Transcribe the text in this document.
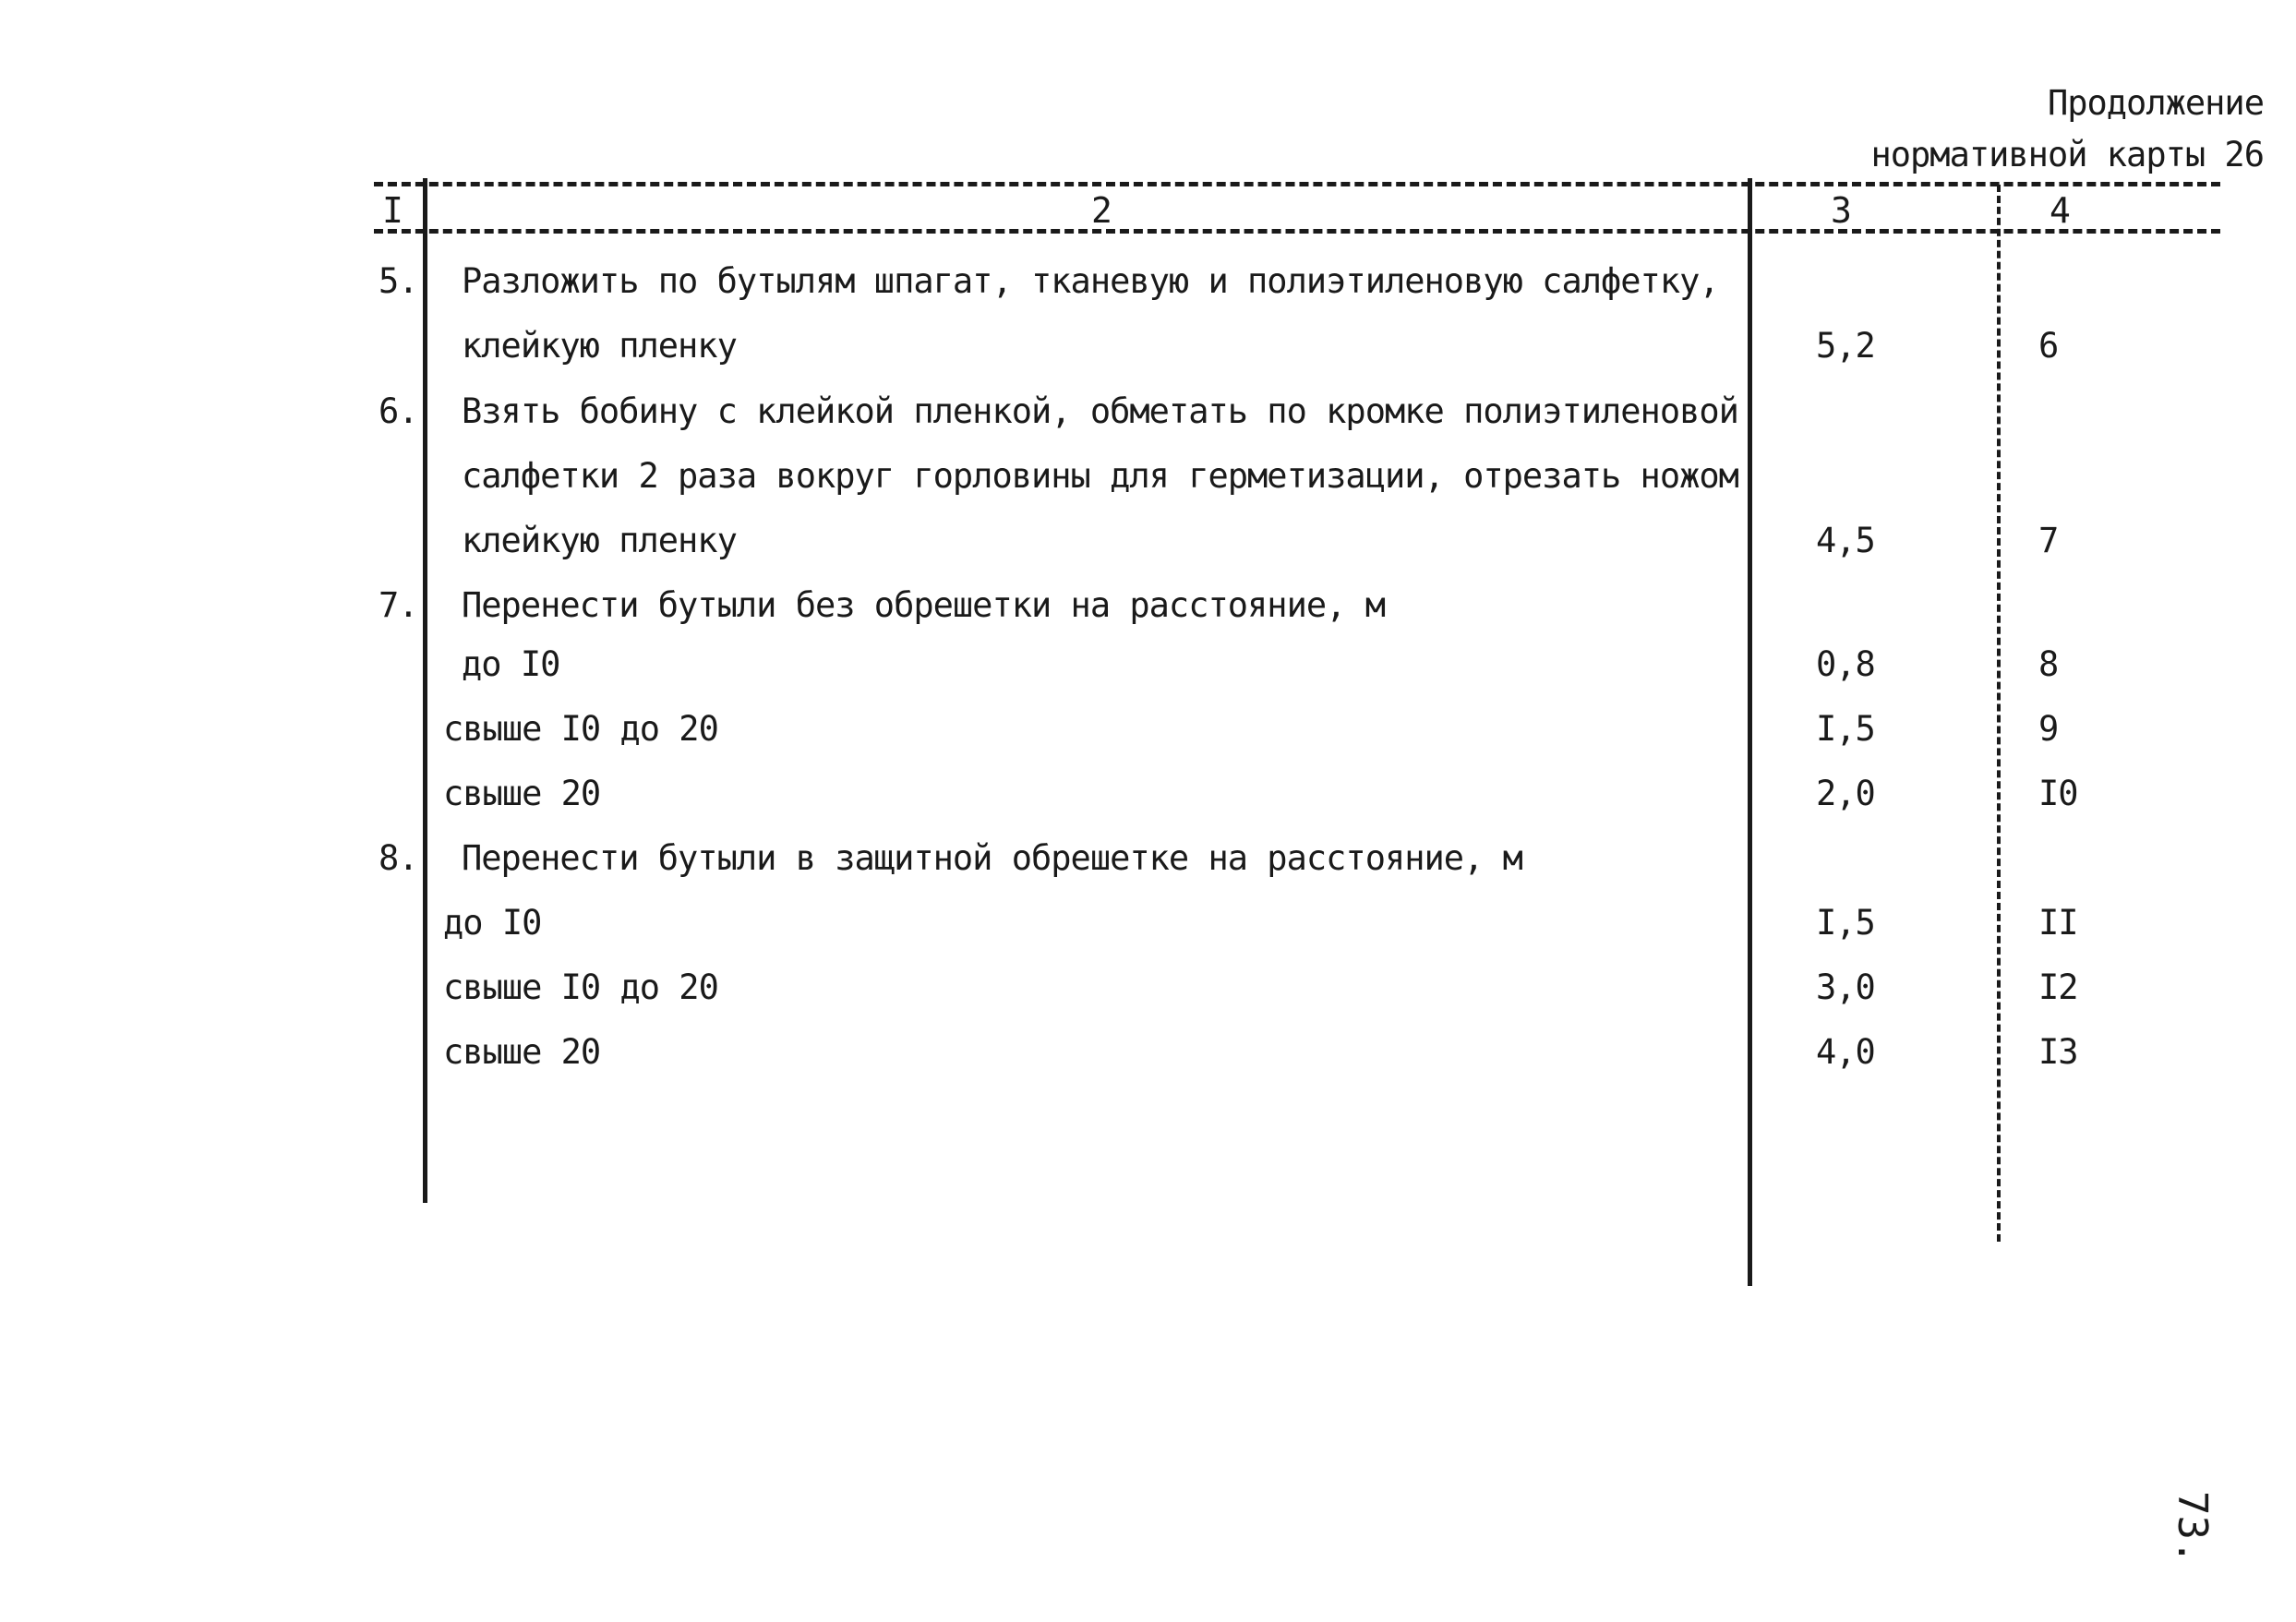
Продолжение
нормативной карты 26
I	2	3	4
5. Разложить по бутылям шпагат, тканевую и полиэтиленовую салфетку,
клейкую пленку	5,2	6
6. Взять бобину с клейкой пленкой, обметать по кромке полиэтиленовой
салфетки 2 раза вокруг горловины для герметизации, отрезать ножом
клейкую пленку	4,5	7
7. Перенести бутыли без обрешетки на расстояние, м
до I0	0,8	8
свыше I0 до 20	I,5	9
свыше 20	2,0	I0
8. Перенести бутыли в защитной обрешетке на расстояние, м
до I0	I,5	II
свыше I0 до 20	3,0	I2
свыше 20	4,0	I3
73.
